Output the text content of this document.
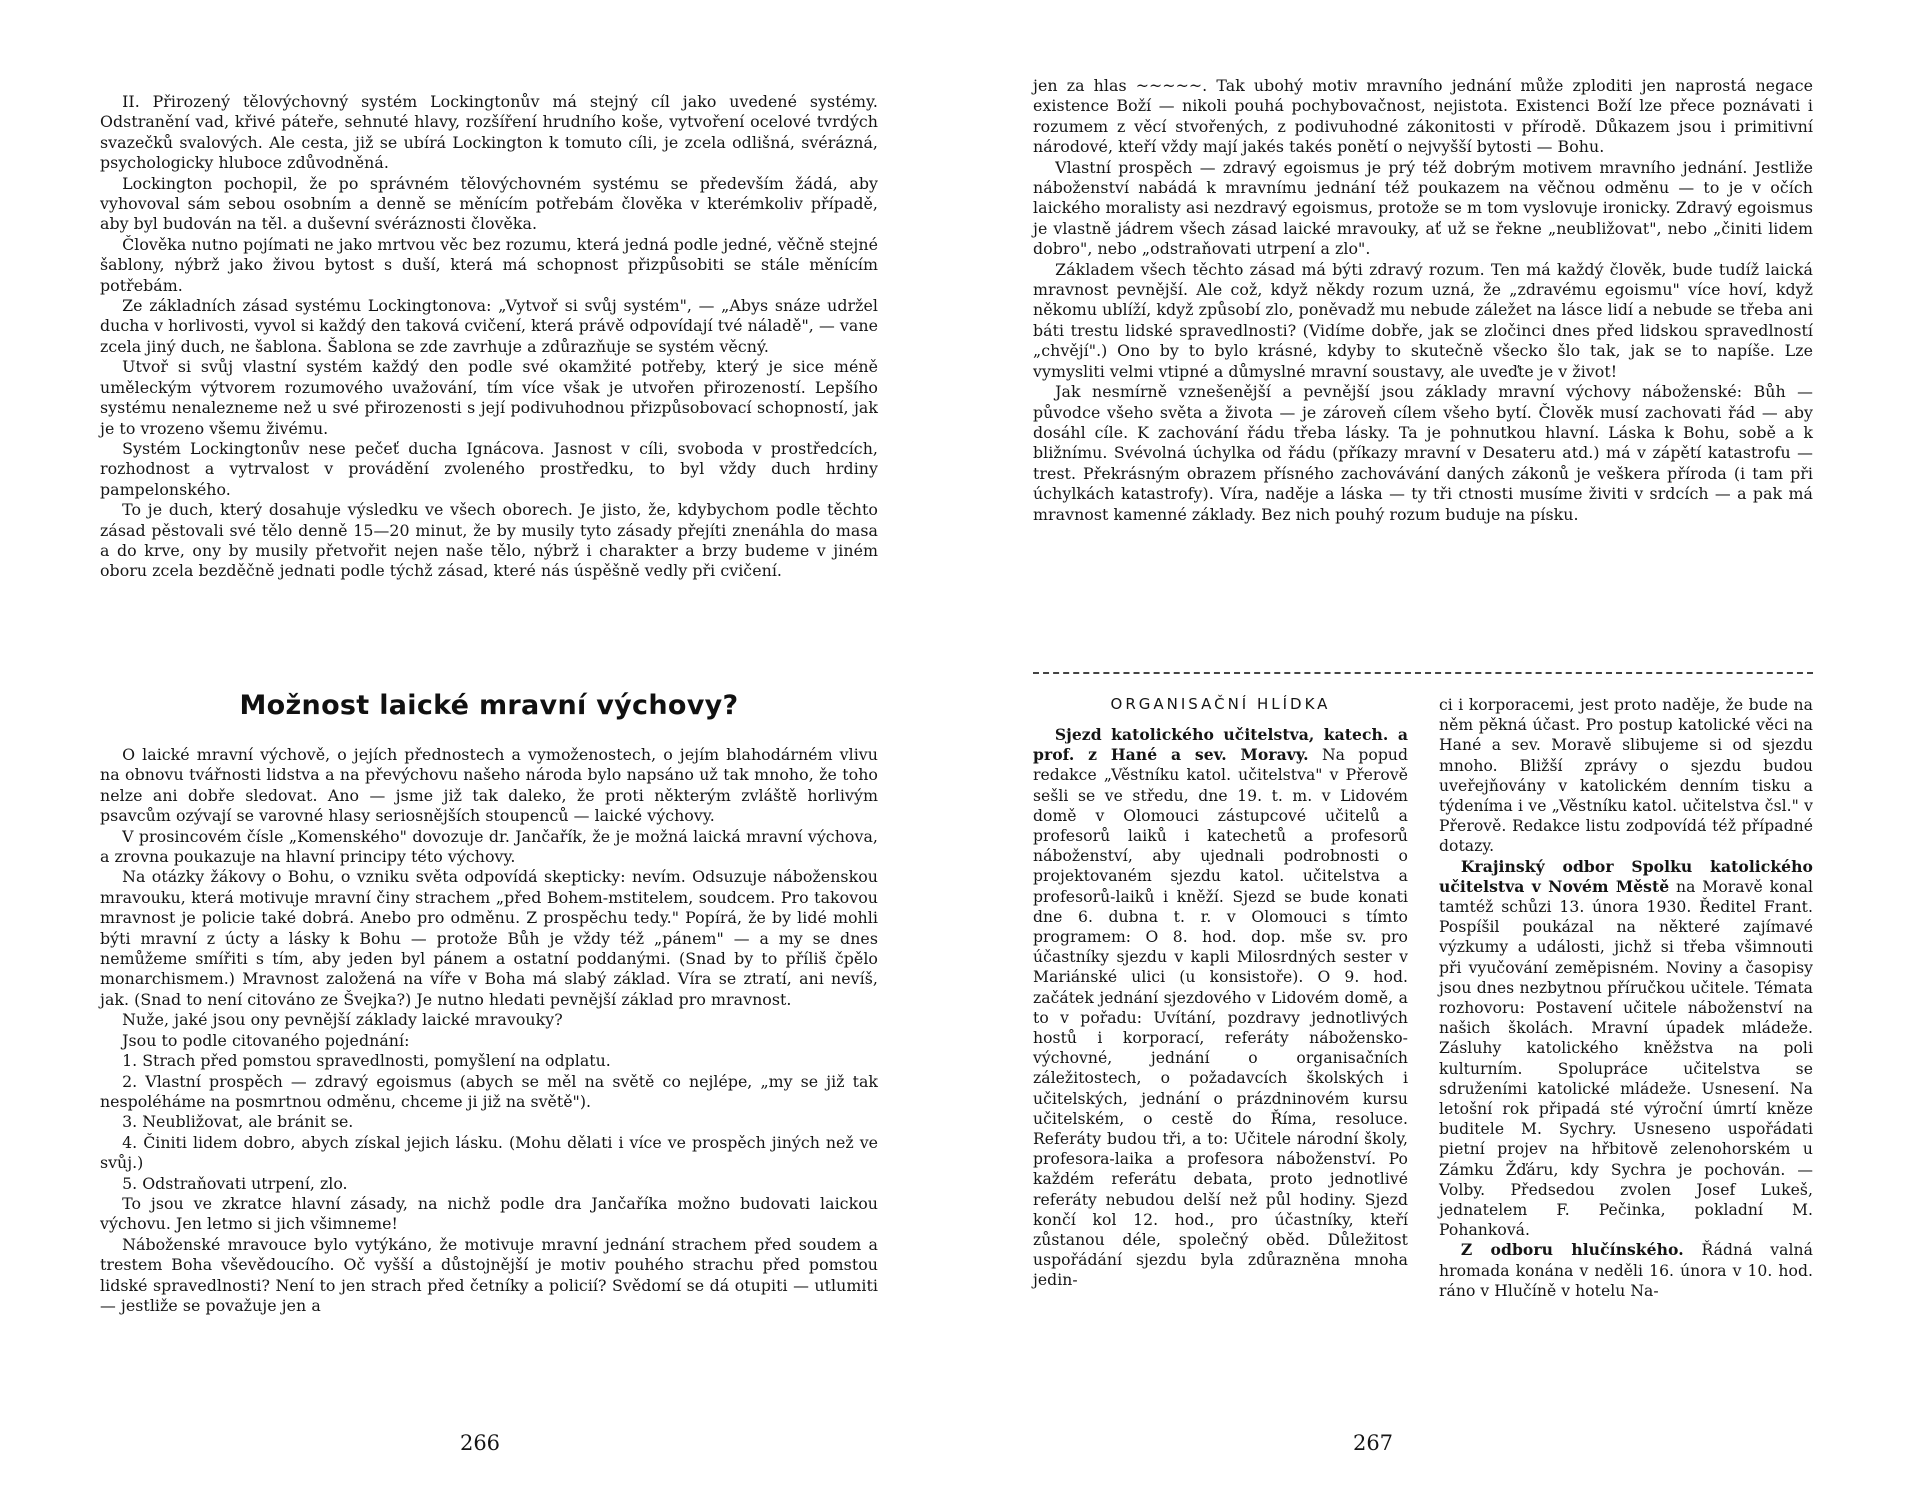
II. Přirozený tělovýchovný systém Lockingtonův má stejný cíl jako uvedené systémy. Odstranění vad, křivé páteře, sehnuté hlavy, rozšíření hrudního koše, vytvoření ocelové tvrdých svazečků svalových. Ale cesta, již se ubírá Lockington k tomuto cíli, je zcela odlišná, svérázná, psychologicky hluboce zdůvodněná.

Lockington pochopil, že po správném tělovýchovném systému se především žádá, aby vyhovoval sám sebou osobním a denně se měnícím potřebám člověka v kterémkoliv případě, aby byl budován na těl. a duševní svéráznosti člověka.

Člověka nutno pojímati ne jako mrtvou věc bez rozumu, která jedná podle jedné, věčně stejné šablony, nýbrž jako živou bytost s duší, která má schopnost přizpůsobiti se stále měnícím potřebám.

Ze základních zásad systému Lockingtonova: „Vytvoř si svůj systém", — „Abys snáze udržel ducha v horlivosti, vyvol si každý den taková cvičení, která právě odpovídají tvé náladě", — vane zcela jiný duch, ne šablona. Šablona se zde zavrhuje a zdůrazňuje se systém věcný.

Utvoř si svůj vlastní systém každý den podle své okamžité potřeby, který je sice méně uměleckým výtvorem rozumového uvažování, tím více však je utvořen přirozeností. Lepšího systému nenalezneme než u své přirozenosti s její podivuhodnou přizpůsobovací schopností, jak je to vrozeno všemu živému.

Systém Lockingtonův nese pečeť ducha Ignácova. Jasnost v cíli, svoboda v prostředcích, rozhodnost a vytrvalost v provádění zvoleného prostředku, to byl vždy duch hrdiny pampelonského.

To je duch, který dosahuje výsledku ve všech oborech. Je jisto, že, kdybychom podle těchto zásad pěstovali své tělo denně 15—20 minut, že by musily tyto zásady přejíti znenáhla do masa a do krve, ony by musily přetvořit nejen naše tělo, nýbrž i charakter a brzy budeme v jiném oboru zcela bezděčně jednati podle týchž zásad, které nás úspěšně vedly při cvičení.

Možnost laické mravní výchovy?

O laické mravní výchově, o jejích přednostech a vymoženostech, o jejím blahodárném vlivu na obnovu tvářnosti lidstva a na převýchovu našeho národa bylo napsáno už tak mnoho, že toho nelze ani dobře sledovat. Ano — jsme již tak daleko, že proti některým zvláště horlivým psavcům ozývají se varovné hlasy seriosnějších stoupenců — laické výchovy.

V prosincovém čísle „Komenského" dovozuje dr. Jančařík, že je možná laická mravní výchova, a zrovna poukazuje na hlavní principy této výchovy.

Na otázky žákovy o Bohu, o vzniku světa odpovídá skepticky: nevím. Odsuzuje náboženskou mravouku, která motivuje mravní činy strachem „před Bohem-mstitelem, soudcem. Pro takovou mravnost je policie také dobrá. Anebo pro odměnu. Z prospěchu tedy." Popírá, že by lidé mohli býti mravní z úcty a lásky k Bohu — protože Bůh je vždy též „pánem" — a my se dnes nemůžeme smířiti s tím, aby jeden byl pánem a ostatní poddanými. (Snad by to příliš čpělo monarchismem.) Mravnost založená na víře v Boha má slabý základ. Víra se ztratí, ani nevíš, jak. (Snad to není citováno ze Švejka?) Je nutno hledati pevnější základ pro mravnost.

Nuže, jaké jsou ony pevnější základy laické mravouky?

Jsou to podle citovaného pojednání:

1. Strach před pomstou spravedlnosti, pomyšlení na odplatu.

2. Vlastní prospěch — zdravý egoismus (abych se měl na světě co nejlépe, „my se již tak nespoléháme na posmrtnou odměnu, chceme ji již na světě").

3. Neubližovat, ale bránit se.

4. Činiti lidem dobro, abych získal jejich lásku. (Mohu dělati i více ve prospěch jiných než ve svůj.)

5. Odstraňovati utrpení, zlo.

To jsou ve zkratce hlavní zásady, na nichž podle dra Jančaříka možno budovati laickou výchovu. Jen letmo si jich všimneme!

Náboženské mravouce bylo vytýkáno, že motivuje mravní jednání strachem před soudem a trestem Boha vševědoucího. Oč vyšší a důstojnější je motiv pouhého strachu před pomstou lidské spravedlnosti? Není to jen strach před četníky a policií? Svědomí se dá otupiti — utlumiti — jestliže se považuje jen a

266

jen za hlas ~~~~~. Tak ubohý motiv mravního jednání může zplоditi jen naprostá negace existence Boží — nikoli pouhá pochybovačnost, nejistota. Existenci Boží lze přece poznávati i rozumem z věcí stvořených, z podivuhodné zákonitosti v přírodě. Důkazem jsou i primitivní národové, kteří vždy mají jakés takés ponětí o nejvyšší bytosti — Bohu.

Vlastní prospěch — zdravý egoismus je prý též dobrým motivem mravního jednání. Jestliže náboženství nabádá k mravnímu jednání též poukazem na věčnou odměnu — to je v očích laického moralisty asi nezdravý egoismus, protože se m tom vyslovuje ironicky. Zdravý egoismus je vlastně jádrem všech zásad laické mravouky, ať už se řekne „neubližovat", nebo „činiti lidem dobro", nebo „odstraňovati utrpení a zlo".

Základem všech těchto zásad má býti zdravý rozum. Ten má každý člověk, bude tudíž laická mravnost pevnější. Ale což, když někdy rozum uzná, že „zdravému egoismu" více hoví, když někomu ublíží, když způsobí zlo, poněvadž mu nebude záležet na lásce lidí a nebude se třeba ani báti trestu lidské spravedlnosti? (Vidíme dobře, jak se zločinci dnes před lidskou spravedlností „chvějí".) Ono by to bylo krásné, kdyby to skutečně všecko šlo tak, jak se to napíše. Lze vymysliti velmi vtipné a důmyslné mravní soustavy, ale uveďte je v život!

Jak nesmírně vznešenější a pevnější jsou základy mravní výchovy náboženské: Bůh — původce všeho světa a života — je zároveň cílem všeho bytí. Člověk musí zachovati řád — aby dosáhl cíle. K zachování řádu třeba lásky. Ta je pohnutkou hlavní. Láska k Bohu, sobě a k bližnímu. Svévolná úchylka od řádu (příkazy mravní v Desateru atd.) má v zápětí katastrofu — trest. Překrásným obrazem přísného zachovávání daných zákonů je veškera příroda (i tam při úchylkách katastrofy). Víra, naděje a láska — ty tři ctnosti musíme živiti v srdcích — a pak má mravnost kamenné základy. Bez nich pouhý rozum buduje na písku.

ORGANISAČNÍ HLÍDKA

Sjezd katolického učitelstva, katech. a prof. z Hané a sev. Moravy. Na popud redakce „Věstníku katol. učitelstva" v Přerově sešli se ve středu, dne 19. t. m. v Lidovém domě v Olomouci zástupcové učitelů a profesorů laiků i katechetů a profesorů náboženství, aby ujednali podrobnosti o projektovaném sjezdu katol. učitelstva a profesorů-laiků i kněží. Sjezd se bude konati dne 6. dubna t. r. v Olomouci s tímto programem: O 8. hod. dop. mše sv. pro účastníky sjezdu v kapli Milosrdných sester v Mariánské ulici (u konsistoře). O 9. hod. začátek jednání sjezdového v Lidovém domě, a to v pořadu: Uvítání, pozdravy jednotlivých hostů i korporací, referáty nábožensko-výchovné, jednání o organisačních záležitostech, o požadavcích školských i učitelských, jednání o prázdninovém kursu učitelském, o cestě do Říma, resoluce. Referáty budou tři, a to: Učitele národní školy, profesora-laika a profesora náboženství. Po každém referátu debata, proto jednotlivé referáty nebudou delší než půl hodiny. Sjezd končí kol 12. hod., pro účastníky, kteří zůstanou déle, společný oběd. Důležitost uspořádání sjezdu byla zdůrazněna mnoha jedin-

ci i korporacemi, jest proto naděje, že bude na něm pěkná účast. Pro postup katolické věci na Hané a sev. Moravě slibujeme si od sjezdu mnoho. Bližší zprávy o sjezdu budou uveřejňovány v katolickém denním tisku a týdeníma i ve „Věstníku katol. učitelstva čsl." v Přerově. Redakce listu zodpovídá též případné dotazy.

Krajinský odbor Spolku katolického učitelstva v Novém Městě na Moravě konal tamtéž schůzi 13. února 1930. Ředitel Frant. Pospíšil poukázal na některé zajímavé výzkumy a události, jichž si třeba všimnouti při vyučování zeměpisném. Noviny a časopisy jsou dnes nezbytnou příručkou učitele. Témata rozhovoru: Postavení učitele náboženství na našich školách. Mravní úpadek mládeže. Zásluhy katolického kněžstva na poli kulturním. Spolupráce učitelstva se sdruženími katolické mládeže. Usnesení. Na letošní rok připadá sté výroční úmrtí kněze buditele M. Sychry. Usneseno uspořádati pietní projev na hřbitově zelenohorském u Zámku Žďáru, kdy Sychra je pochován. — Volby. Předsedou zvolen Josef Lukeš, jednatelem F. Pečinka, pokladní M. Pohanková.

Z odboru hlučínského. Řádná valná hromada konána v neděli 16. února v 10. hod. ráno v Hlučíně v hotelu Na-

267
